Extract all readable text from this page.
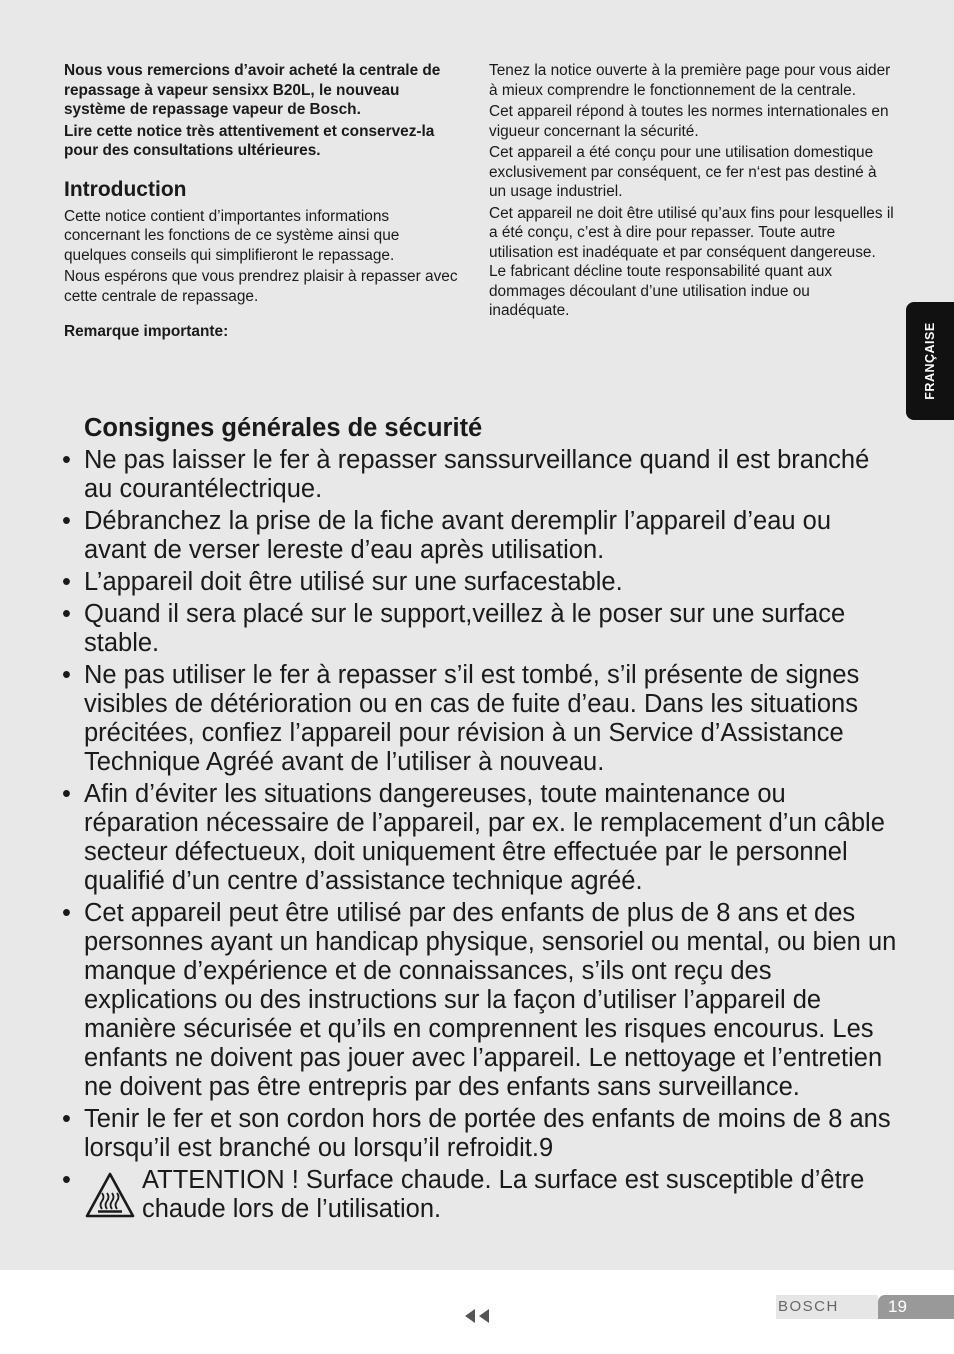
Nous vous remercions d’avoir acheté la centrale de repassage à vapeur sensixx B20L, le nouveau système de repassage vapeur de Bosch.

Lire cette notice très attentivement et conservez-la pour des consultations ultérieures.

Introduction

Cette notice contient d’importantes informations concernant les fonctions de ce système ainsi que quelques conseils qui simplifieront le repassage.

Nous espérons que vous prendrez plaisir à repasser avec cette centrale de repassage.

Remarque importante:

Tenez la notice ouverte à la première page pour vous aider à mieux comprendre le fonctionnement de la centrale.

Cet appareil répond à toutes les normes internationales en vigueur concernant la sécurité.

Cet appareil a été conçu pour une utilisation domestique exclusivement par conséquent, ce fer n‘est pas destiné à un usage industriel.

Cet appareil ne doit être utilisé qu’aux fins pour lesquelles il a été conçu, c’est à dire pour repasser. Toute autre utilisation est inadéquate et par conséquent dangereuse. Le fabricant décline toute responsabilité quant aux dommages découlant d’une utilisation indue ou inadéquate.

FRANÇAISE
Consignes générales de sécurité
• Ne pas laisser le fer à repasser sanssurveillance quand il est branché au courantélectrique.
• Débranchez la prise de la fiche avant deremplir l’appareil d’eau ou avant de verser lereste d’eau après utilisation.
• L’appareil doit être utilisé sur une surfacestable.
• Quand il sera placé sur le support,veillez à le poser sur une surface stable.
• Ne pas utiliser le fer à repasser s’il est tombé, s’il présente de signes visibles de détérioration ou en cas de fuite d’eau. Dans les situations précitées, confiez l’appareil pour révision à un Service d’Assistance Technique Agréé avant de l’utiliser à nouveau.
• Afin d’éviter les situations dangereuses, toute maintenance ou réparation nécessaire de l’appareil, par ex. le remplacement d’un câble secteur défectueux, doit uniquement être effectuée par le personnel qualifié d’un centre d’assistance technique agréé.
• Cet appareil peut être utilisé par des enfants de plus de 8 ans et des personnes ayant un handicap physique, sensoriel ou mental, ou bien un manque d’expérience et de connaissances, s’ils ont reçu des explications ou des instructions sur la façon d’utiliser l’appareil de manière sécurisée et qu’ils en comprennent les risques encourus. Les enfants ne doivent pas jouer avec l’appareil. Le nettoyage et l’entretien ne doivent pas être entrepris par des enfants sans surveillance.
• Tenir le fer et son cordon hors de portée des enfants de moins de 8 ans lorsqu’il est branché ou lorsqu’il refroidit.9
•	ATTENTION ! Surface chaude. La surface est susceptible d’être chaude lors de l’utilisation.
BOSCH	19
